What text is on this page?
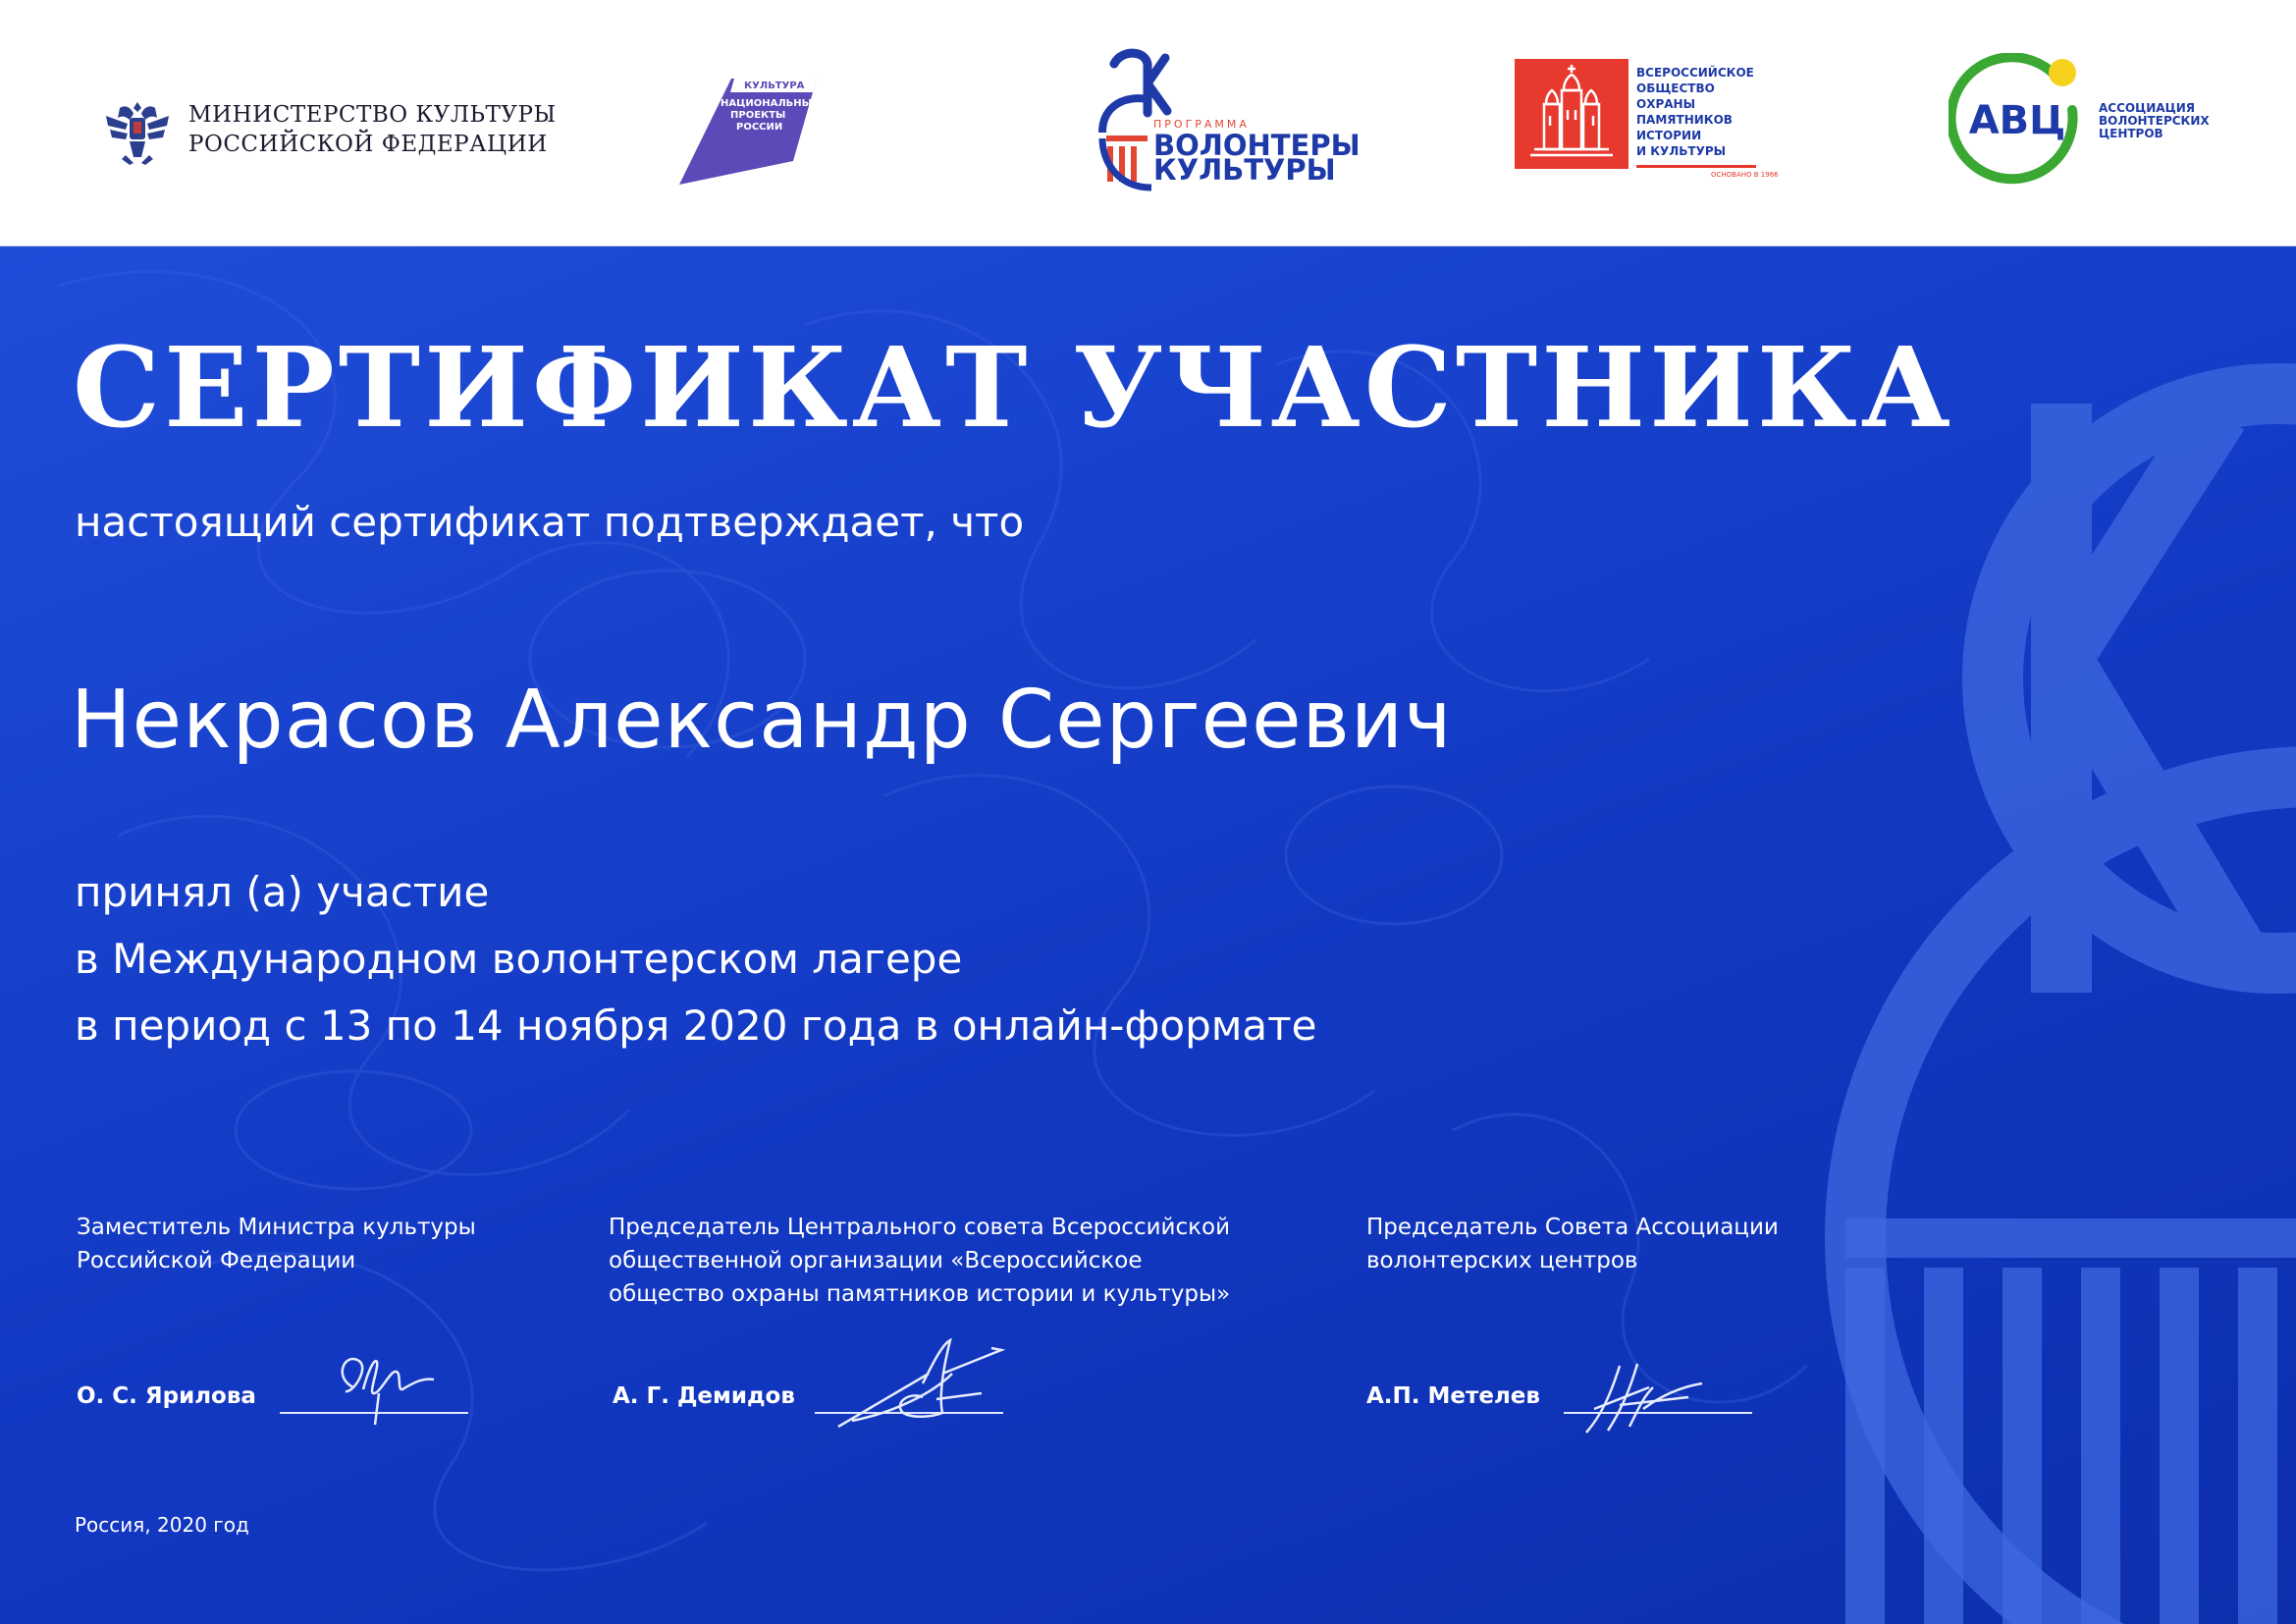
МИНИСТЕРСТВО КУЛЬТУРЫ
РОССИЙСКОЙ ФЕДЕРАЦИИ
КУЛЬТУРА
НАЦИОНАЛЬНЫЕ
ПРОЕКТЫ
РОССИИ	ПРОГРАММА
ВОЛОНТЕРЫ
КУЛЬТУРЫ
ВСЕРОССИЙСКОЕ
ОБЩЕСТВО
ОХРАНЫ
ПАМЯТНИКОВ
ИСТОРИИ
И КУЛЬТУРЫ
ОСНОВАНО В 1966
АВЦ	АССОЦИАЦИЯ
ВОЛОНТЕРСКИХ
ЦЕНТРОВ
СЕРТИФИКАТ УЧАСТНИКА
настоящий сертификат подтверждает, что
Некрасов Александр Сергеевич
принял (а) участие
в Международном волонтерском лагере
в период с 13 по 14 ноября 2020 года в онлайн-формате
Заместитель Министра культуры
Российской Федерации
О. С. Ярилова
Председатель Центрального совета Всероссийской
общественной организации «Всероссийское
общество охраны памятников истории и культуры»
А. Г. Демидов
Председатель Совета Ассоциации
волонтерских центров
А.П. Метелев
Россия, 2020 год
